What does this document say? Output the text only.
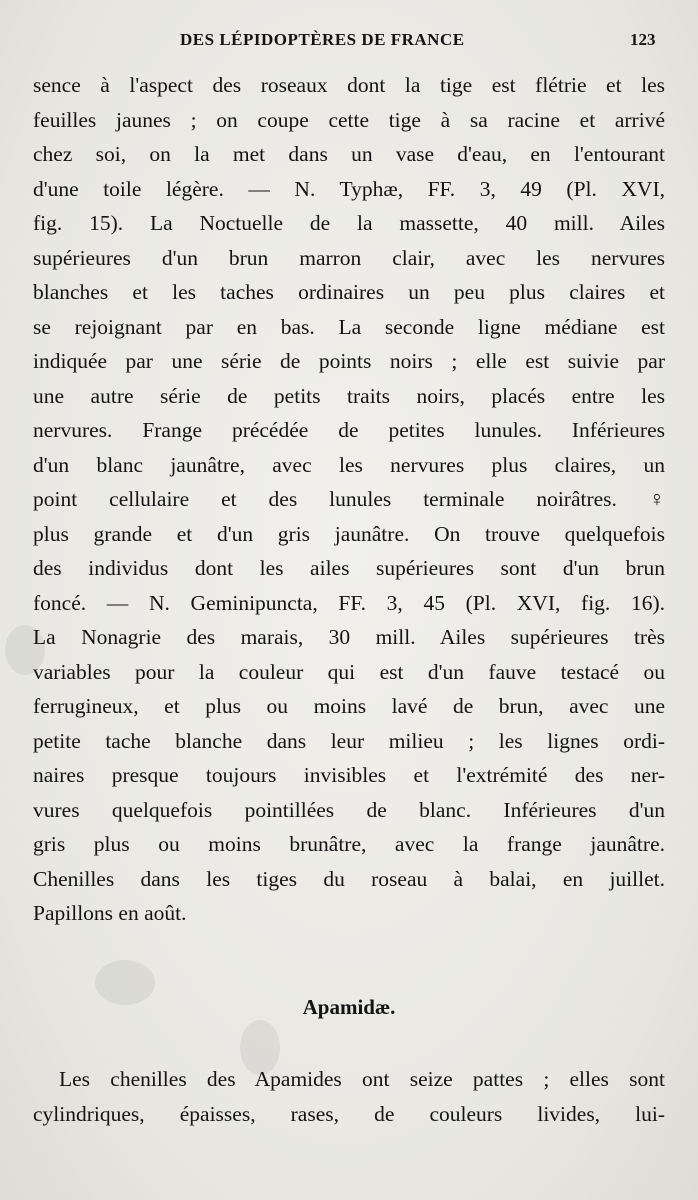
DES LÉPIDOPTÈRES DE FRANCE	123
sence à l'aspect des roseaux dont la tige est flétrie et les
feuilles jaunes ; on coupe cette tige à sa racine et arrivé
chez soi, on la met dans un vase d'eau, en l'entourant
d'une toile légère. — N. Typhæ, FF. 3, 49 (Pl. XVI,
fig. 15). La Noctuelle de la massette, 40 mill. Ailes
supérieures d'un brun marron clair, avec les nervures
blanches et les taches ordinaires un peu plus claires et
se rejoignant par en bas. La seconde ligne médiane est
indiquée par une série de points noirs ; elle est suivie par
une autre série de petits traits noirs, placés entre les
nervures. Frange précédée de petites lunules. Inférieures
d'un blanc jaunâtre, avec les nervures plus claires, un
point cellulaire et des lunules terminale noirâtres. ♀
plus grande et d'un gris jaunâtre. On trouve quelquefois
des individus dont les ailes supérieures sont d'un brun
foncé. — N. Geminipuncta, FF. 3, 45 (Pl. XVI, fig. 16).
La Nonagrie des marais, 30 mill. Ailes supérieures très
variables pour la couleur qui est d'un fauve testacé ou
ferrugineux, et plus ou moins lavé de brun, avec une
petite tache blanche dans leur milieu ; les lignes ordi-
naires presque toujours invisibles et l'extrémité des ner-
vures quelquefois pointillées de blanc. Inférieures d'un
gris plus ou moins brunâtre, avec la frange jaunâtre.
Chenilles dans les tiges du roseau à balai, en juillet.
Papillons en août.
Apamidæ.
Les chenilles des Apamides ont seize pattes ; elles sont
cylindriques, épaisses, rases, de couleurs livides, lui-
